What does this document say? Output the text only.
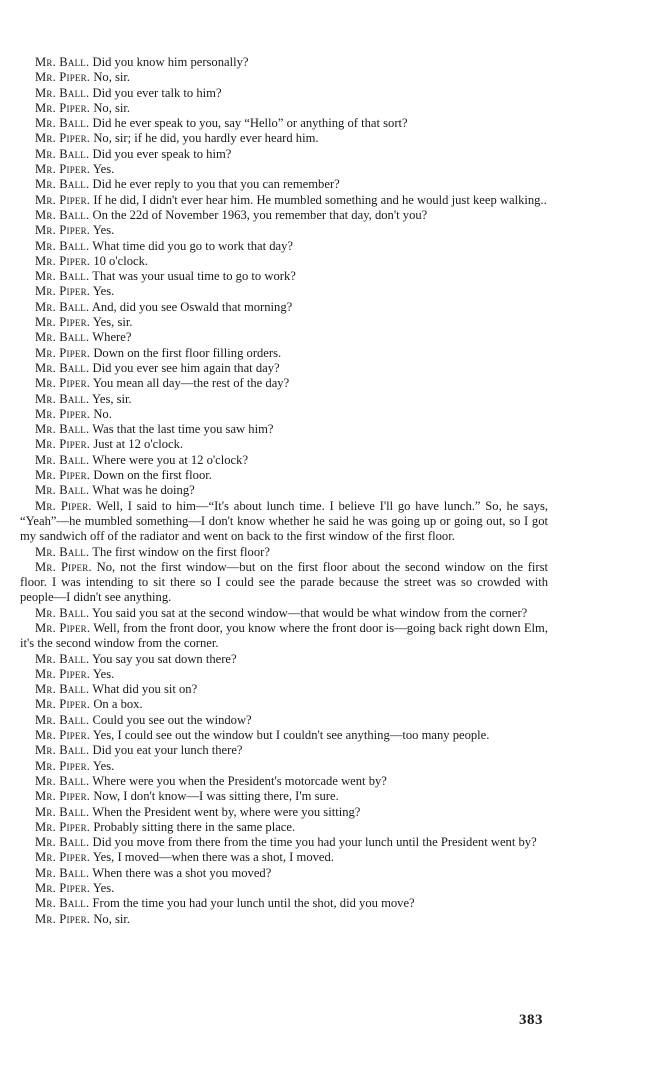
Mr. Ball. Did you know him personally?

Mr. Piper. No, sir.

Mr. Ball. Did you ever talk to him?

Mr. Piper. No, sir.

Mr. Ball. Did he ever speak to you, say “Hello” or anything of that sort?

Mr. Piper. No, sir; if he did, you hardly ever heard him.

Mr. Ball. Did you ever speak to him?

Mr. Piper. Yes.

Mr. Ball. Did he ever reply to you that you can remember?

Mr. Piper. If he did, I didn't ever hear him. He mumbled something and he would just keep walking..

Mr. Ball. On the 22d of November 1963, you remember that day, don't you?

Mr. Piper. Yes.

Mr. Ball. What time did you go to work that day?

Mr. Piper. 10 o'clock.

Mr. Ball. That was your usual time to go to work?

Mr. Piper. Yes.

Mr. Ball. And, did you see Oswald that morning?

Mr. Piper. Yes, sir.

Mr. Ball. Where?

Mr. Piper. Down on the first floor filling orders.

Mr. Ball. Did you ever see him again that day?

Mr. Piper. You mean all day—the rest of the day?

Mr. Ball. Yes, sir.

Mr. Piper. No.

Mr. Ball. Was that the last time you saw him?

Mr. Piper. Just at 12 o'clock.

Mr. Ball. Where were you at 12 o'clock?

Mr. Piper. Down on the first floor.

Mr. Ball. What was he doing?

Mr. Piper. Well, I said to him—“It's about lunch time. I believe I'll go have lunch.” So, he says, “Yeah”—he mumbled something—I don't know whether he said he was going up or going out, so I got my sandwich off of the radiator and went on back to the first window of the first floor.

Mr. Ball. The first window on the first floor?

Mr. Piper. No, not the first window—but on the first floor about the second window on the first floor. I was intending to sit there so I could see the parade because the street was so crowded with people—I didn't see anything.

Mr. Ball. You said you sat at the second window—that would be what window from the corner?

Mr. Piper. Well, from the front door, you know where the front door is—going back right down Elm, it's the second window from the corner.

Mr. Ball. You say you sat down there?

Mr. Piper. Yes.

Mr. Ball. What did you sit on?

Mr. Piper. On a box.

Mr. Ball. Could you see out the window?

Mr. Piper. Yes, I could see out the window but I couldn't see anything—too many people.

Mr. Ball. Did you eat your lunch there?

Mr. Piper. Yes.

Mr. Ball. Where were you when the President's motorcade went by?

Mr. Piper. Now, I don't know—I was sitting there, I'm sure.

Mr. Ball. When the President went by, where were you sitting?

Mr. Piper. Probably sitting there in the same place.

Mr. Ball. Did you move from there from the time you had your lunch until the President went by?

Mr. Piper. Yes, I moved—when there was a shot, I moved.

Mr. Ball. When there was a shot you moved?

Mr. Piper. Yes.

Mr. Ball. From the time you had your lunch until the shot, did you move?

Mr. Piper. No, sir.

383
